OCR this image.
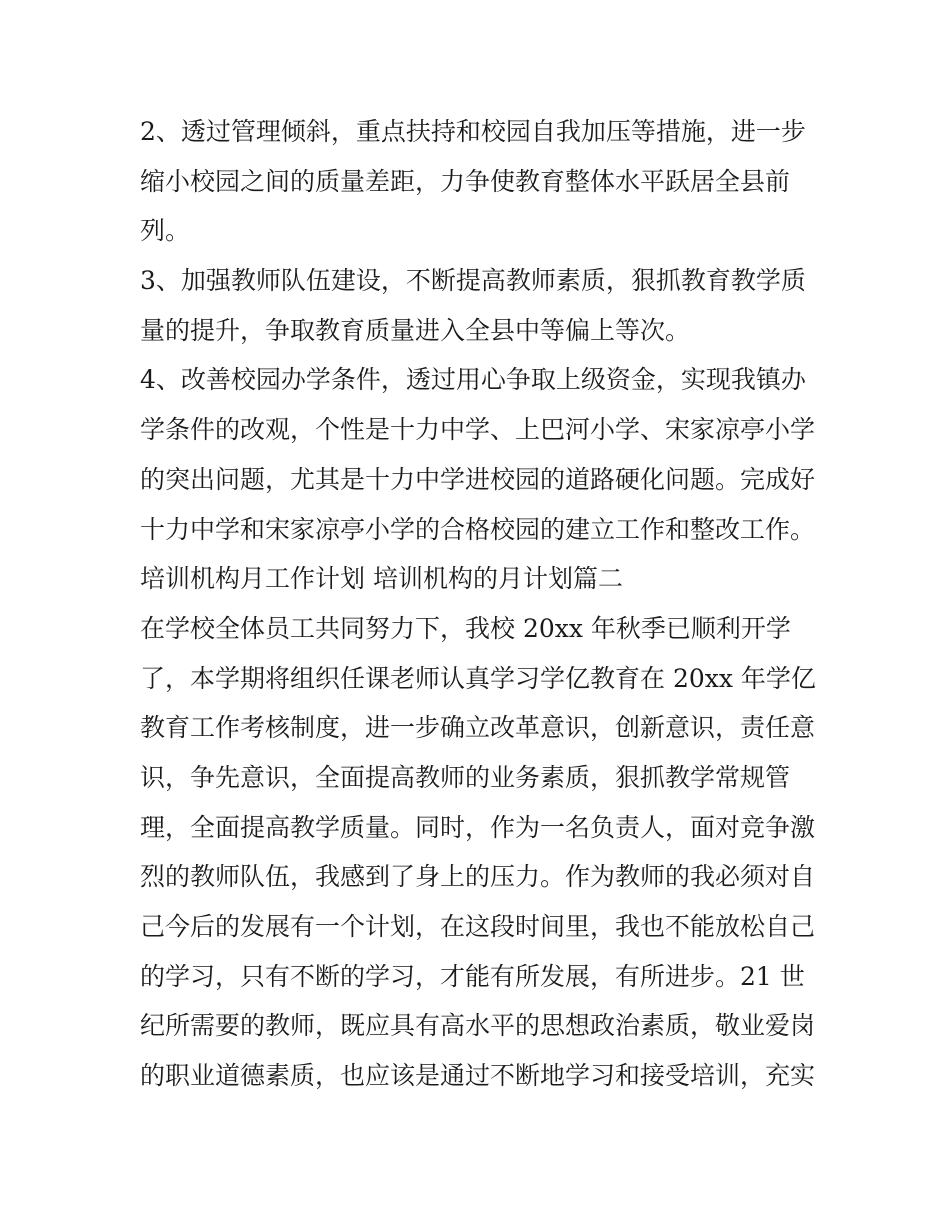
2、透过管理倾斜，重点扶持和校园自我加压等措施，进一步
缩小校园之间的质量差距，力争使教育整体水平跃居全县前
列。
3、加强教师队伍建设，不断提高教师素质，狠抓教育教学质
量的提升，争取教育质量进入全县中等偏上等次。
4、改善校园办学条件，透过用心争取上级资金，实现我镇办
学条件的改观，个性是十力中学、上巴河小学、宋家凉亭小学
的突出问题，尤其是十力中学进校园的道路硬化问题。完成好
十力中学和宋家凉亭小学的合格校园的建立工作和整改工作。
培训机构月工作计划 培训机构的月计划篇二
在学校全体员工共同努力下，我校 20xx 年秋季已顺利开学
了，本学期将组织任课老师认真学习学亿教育在 20xx 年学亿
教育工作考核制度，进一步确立改革意识，创新意识，责任意
识，争先意识，全面提高教师的业务素质，狠抓教学常规管
理，全面提高教学质量。同时，作为一名负责人，面对竞争激
烈的教师队伍，我感到了身上的压力。作为教师的我必须对自
己今后的发展有一个计划，在这段时间里，我也不能放松自己
的学习，只有不断的学习，才能有所发展，有所进步。21 世
纪所需要的教师，既应具有高水平的思想政治素质，敬业爱岗
的职业道德素质，也应该是通过不断地学习和接受培训，充实
